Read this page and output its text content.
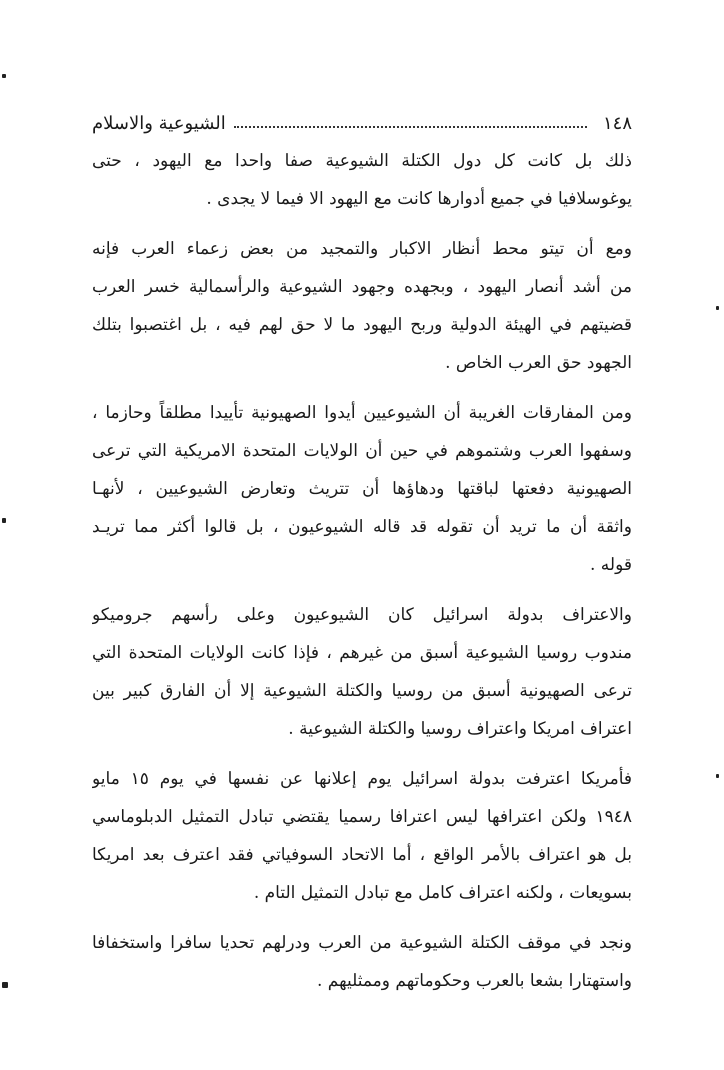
١٤٨
الشيوعية والاسلام
ذلك بل كانت كل دول الكتلة الشيوعية صفا واحدا مع اليهود ، حتى
يوغوسلافيا في جميع أدوارها كانت مع اليهود الا فيما لا يجدى .
ومع أن تيتو محط أنظار الاكبار والتمجيد من بعض زعماء العرب فإنه
من أشد أنصار اليهود ، وبجهده وجهود الشيوعية والرأسمالية خسر العرب
قضيتهم في الهيئة الدولية وربح اليهود ما لا حق لهم فيه ، بل اغتصبوا بتلك
الجهود حق العرب الخاص .
ومن المفارقات الغريبة أن الشيوعيين أيدوا الصهيونية تأييدا مطلقاً وحازما ،
وسفهوا العرب وشتموهم في حين أن الولايات المتحدة الامريكية التي ترعى
الصهيونية دفعتها لباقتها ودهاؤها أن تتريث وتعارض الشيوعيين ، لأنهـا
واثقة أن ما تريد أن تقوله قد قاله الشيوعيون ، بل قالوا أكثر مما تريـد
قوله .
والاعتراف بدولة اسرائيل كان الشيوعيون وعلى رأسهم جروميكو
مندوب روسيا الشيوعية أسبق من غيرهم ، فإذا كانت الولايات المتحدة التي
ترعى الصهيونية أسبق من روسيا والكتلة الشيوعية إلا أن الفارق كبير بين
اعتراف امريكا واعتراف روسيا والكتلة الشيوعية .
فأمريكا اعترفت بدولة اسرائيل يوم إعلانها عن نفسها في يوم ١٥ مايو
١٩٤٨ ولكن اعترافها ليس اعترافا رسميا يقتضي تبادل التمثيل الدبلوماسي
بل هو اعتراف بالأمر الواقع ، أما الاتحاد السوفياتي فقد اعترف بعد امريكا
بسويعات ، ولكنه اعتراف كامل مع تبادل التمثيل التام .
ونجد في موقف الكتلة الشيوعية من العرب ودرلهم تحديا سافرا واستخفافا
واستهتارا بشعا بالعرب وحكوماتهم وممثليهم .
